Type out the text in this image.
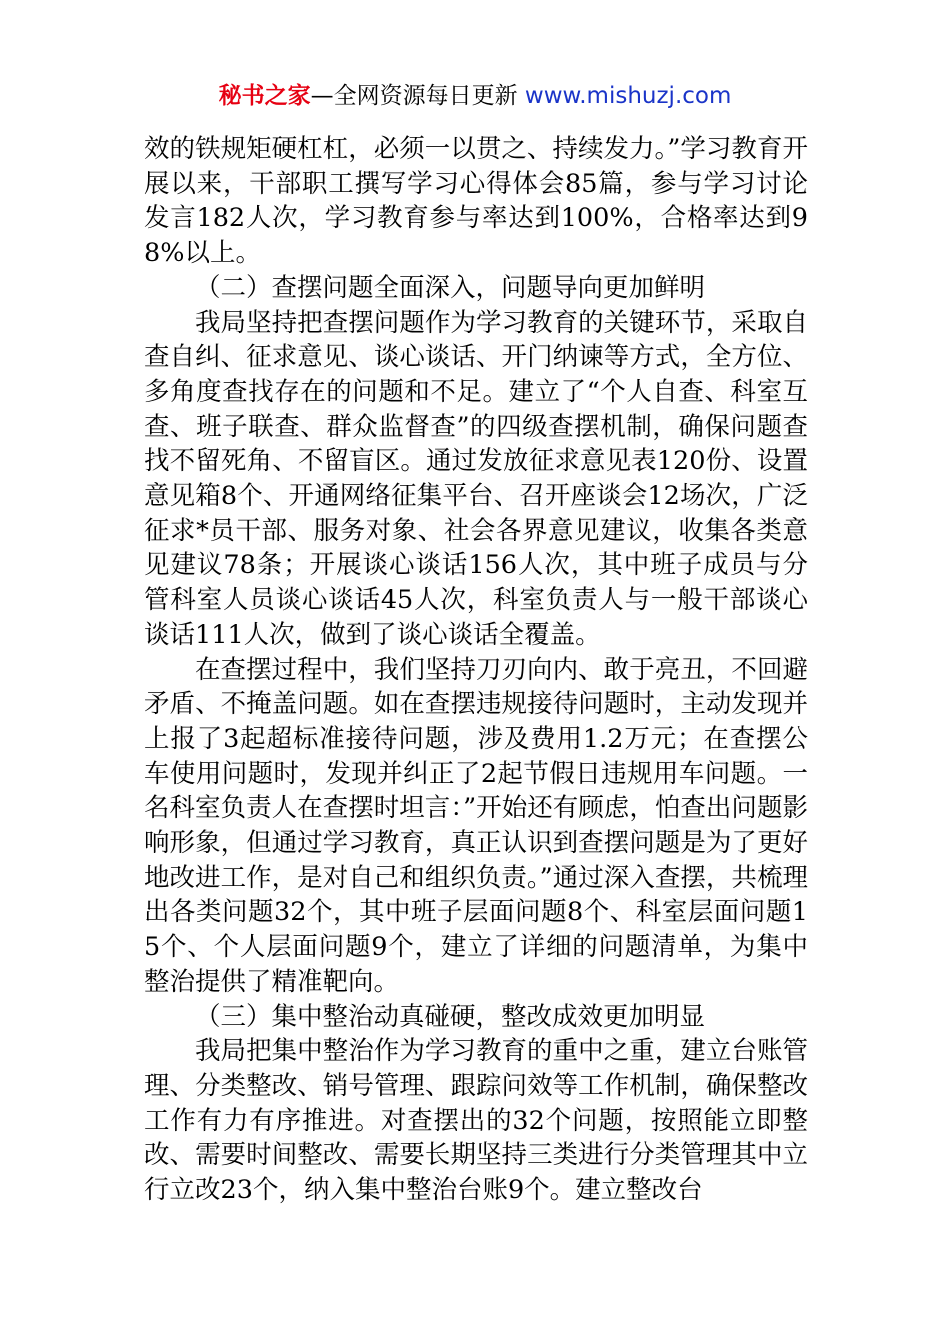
秘书之家—全网资源每日更新 www.mishuzj.com

效的铁规矩硬杠杠，必须一以贯之、持续发力。”学习教育开展以来，干部职工撰写学习心得体会85篇，参与学习讨论发言182人次，学习教育参与率达到100%，合格率达到98%以上。

（二）查摆问题全面深入，问题导向更加鲜明

我局坚持把查摆问题作为学习教育的关键环节，采取自查自纠、征求意见、谈心谈话、开门纳谏等方式，全方位、多角度查找存在的问题和不足。建立了“个人自查、科室互查、班子联查、群众监督查”的四级查摆机制，确保问题查找不留死角、不留盲区。通过发放征求意见表120份、设置意见箱8个、开通网络征集平台、召开座谈会12场次，广泛征求*员干部、服务对象、社会各界意见建议，收集各类意见建议78条；开展谈心谈话156人次，其中班子成员与分管科室人员谈心谈话45人次，科室负责人与一般干部谈心谈话111人次，做到了谈心谈话全覆盖。

在查摆过程中，我们坚持刀刃向内、敢于亮丑，不回避矛盾、不掩盖问题。如在查摆违规接待问题时，主动发现并上报了3起超标准接待问题，涉及费用1.2万元；在查摆公车使用问题时，发现并纠正了2起节假日违规用车问题。一名科室负责人在查摆时坦言：”开始还有顾虑，怕查出问题影响形象，但通过学习教育，真正认识到查摆问题是为了更好地改进工作，是对自己和组织负责。”通过深入查摆，共梳理出各类问题32个，其中班子层面问题8个、科室层面问题15个、个人层面问题9个，建立了详细的问题清单，为集中整治提供了精准靶向。

（三）集中整治动真碰硬，整改成效更加明显

我局把集中整治作为学习教育的重中之重，建立台账管理、分类整改、销号管理、跟踪问效等工作机制，确保整改工作有力有序推进。对查摆出的32个问题，按照能立即整改、需要时间整改、需要长期坚持三类进行分类管理其中立行立改23个，纳入集中整治台账9个。建立整改台
